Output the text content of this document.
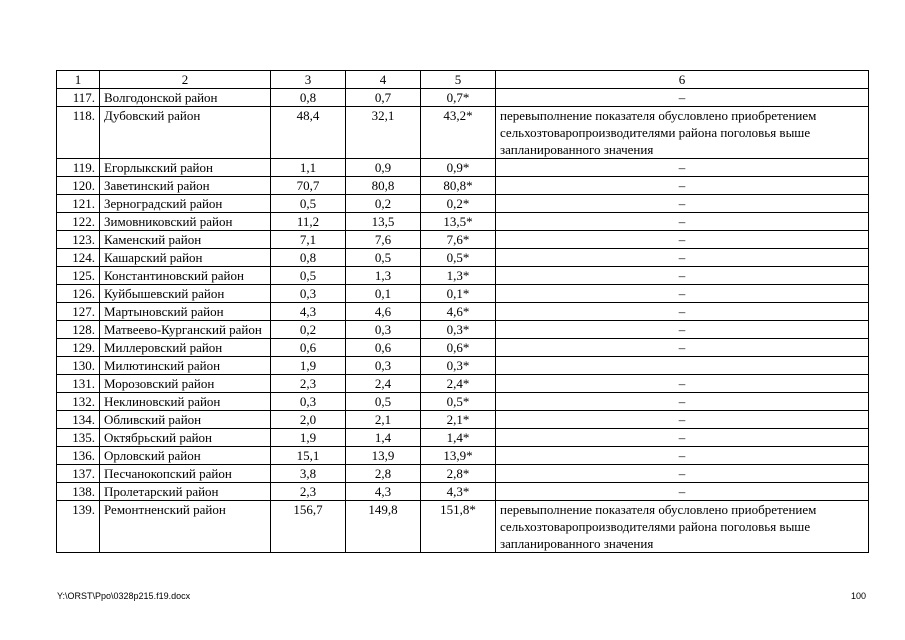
1	2	3	4	5	6
117.	Волгодонской район	0,8	0,7	0,7*	–
118.	Дубовский район	48,4	32,1	43,2*	перевыполнение показателя обусловлено приобретением сельхозтоваропроизводителями района поголовья выше запланированного значения
119.	Егорлыкский район	1,1	0,9	0,9*	–
120.	Заветинский район	70,7	80,8	80,8*	–
121.	Зерноградский район	0,5	0,2	0,2*	–
122.	Зимовниковский район	11,2	13,5	13,5*	–
123.	Каменский район	7,1	7,6	7,6*	–
124.	Кашарский район	0,8	0,5	0,5*	–
125.	Константиновский район	0,5	1,3	1,3*	–
126.	Куйбышевский район	0,3	0,1	0,1*	–
127.	Мартыновский район	4,3	4,6	4,6*	–
128.	Матвеево-Курганский район	0,2	0,3	0,3*	–
129.	Миллеровский район	0,6	0,6	0,6*	–
130.	Милютинский район	1,9	0,3	0,3*	
131.	Морозовский район	2,3	2,4	2,4*	–
132.	Неклиновский район	0,3	0,5	0,5*	–
134.	Обливский район	2,0	2,1	2,1*	–
135.	Октябрьский район	1,9	1,4	1,4*	–
136.	Орловский район	15,1	13,9	13,9*	–
137.	Песчанокопский район	3,8	2,8	2,8*	–
138.	Пролетарский район	2,3	4,3	4,3*	–
139.	Ремонтненский район	156,7	149,8	151,8*	перевыполнение показателя обусловлено приобретением сельхозтоваропроизводителями района поголовья выше запланированного значения
Y:\ORST\Ppo\0328p215.f19.docx	100
